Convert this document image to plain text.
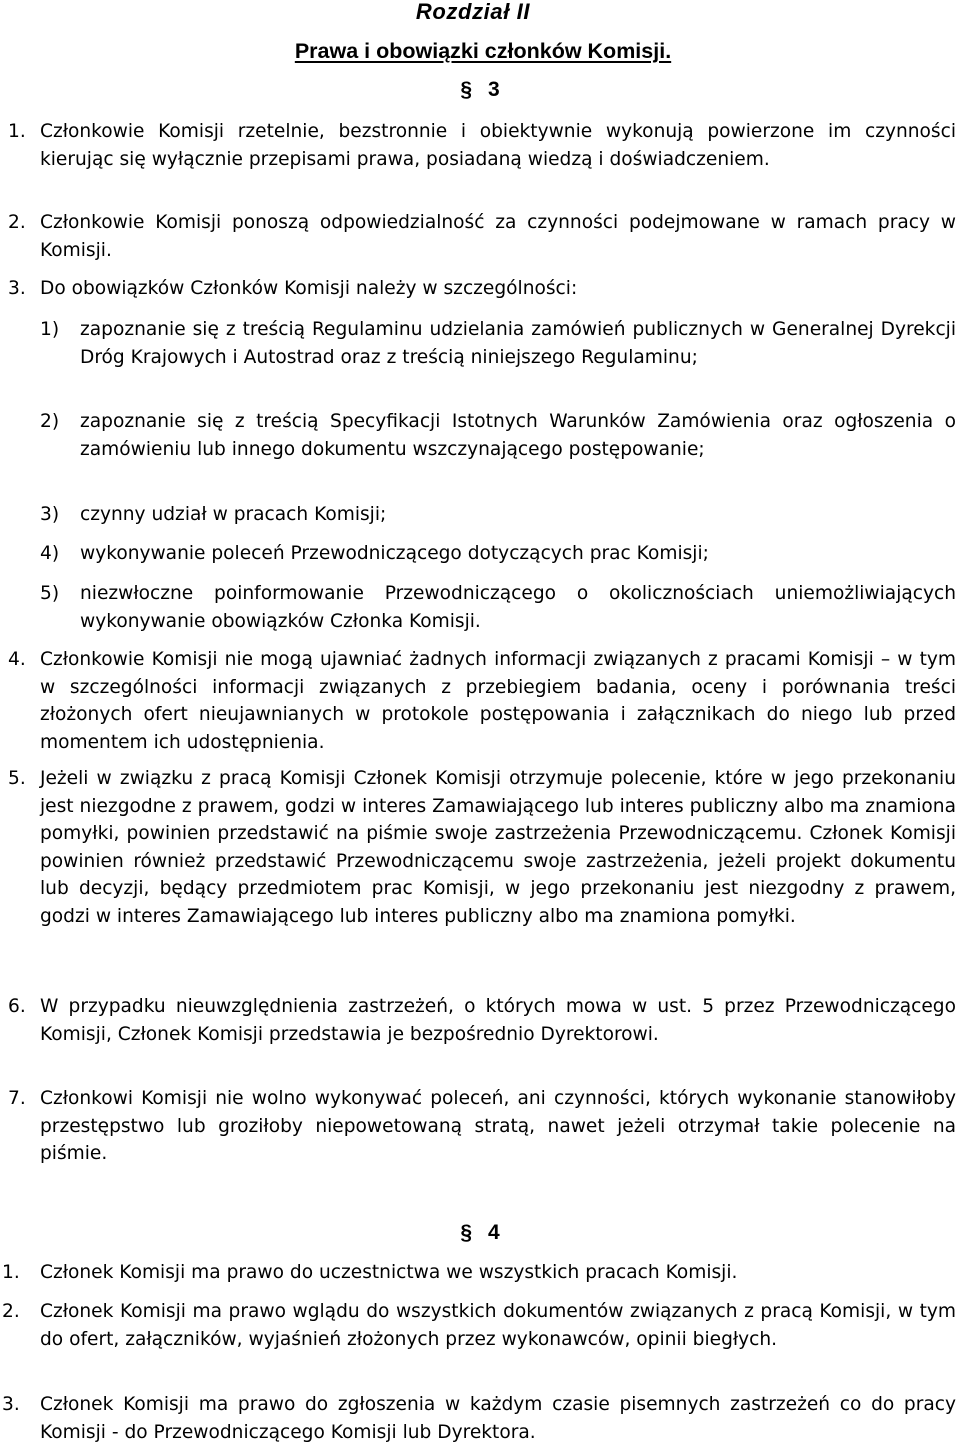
Rozdział II
Prawa i obowiązki członków Komisji.
§ 3
1. Członkowie Komisji rzetelnie, bezstronnie i obiektywnie wykonują powierzone im czynności kierując się wyłącznie przepisami prawa, posiadaną wiedzą i doświadczeniem.
2. Członkowie Komisji ponoszą odpowiedzialność za czynności podejmowane w ramach pracy w Komisji.
3. Do obowiązków Członków Komisji należy w szczególności:
1) zapoznanie się z treścią Regulaminu udzielania zamówień publicznych w Generalnej Dyrekcji Dróg Krajowych i Autostrad oraz z treścią niniejszego Regulaminu;
2) zapoznanie się z treścią Specyfikacji Istotnych Warunków Zamówienia oraz ogłoszenia o zamówieniu lub innego dokumentu wszczynającego postępowanie;
3) czynny udział w pracach Komisji;
4) wykonywanie poleceń Przewodniczącego dotyczących prac Komisji;
5) niezwłoczne poinformowanie Przewodniczącego o okolicznościach uniemożliwiających wykonywanie obowiązków Członka Komisji.
4. Członkowie Komisji nie mogą ujawniać żadnych informacji związanych z pracami Komisji – w tym w szczególności informacji związanych z przebiegiem badania, oceny i porównania treści złożonych ofert nieujawnianych w protokole postępowania i załącznikach do niego lub przed momentem ich udostępnienia.
5. Jeżeli w związku z pracą Komisji Członek Komisji otrzymuje polecenie, które w jego przekonaniu jest niezgodne z prawem, godzi w interes Zamawiającego lub interes publiczny albo ma znamiona pomyłki, powinien przedstawić na piśmie swoje zastrzeżenia Przewodniczącemu. Członek Komisji powinien również przedstawić Przewodniczącemu swoje zastrzeżenia, jeżeli projekt dokumentu lub decyzji, będący przedmiotem prac Komisji, w jego przekonaniu jest niezgodny z prawem, godzi w interes Zamawiającego lub interes publiczny albo ma znamiona pomyłki.
6. W przypadku nieuwzględnienia zastrzeżeń, o których mowa w ust. 5 przez Przewodniczącego Komisji, Członek Komisji przedstawia je bezpośrednio Dyrektorowi.
7. Członkowi Komisji nie wolno wykonywać poleceń, ani czynności, których wykonanie stanowiłoby przestępstwo lub groziłoby niepowetowaną stratą, nawet jeżeli otrzymał takie polecenie na piśmie.
§ 4
1. Członek Komisji ma prawo do uczestnictwa we wszystkich pracach Komisji.
2. Członek Komisji ma prawo wglądu do wszystkich dokumentów związanych z pracą Komisji, w tym do ofert, załączników, wyjaśnień złożonych przez wykonawców, opinii biegłych.
3. Członek Komisji ma prawo do zgłoszenia w każdym czasie pisemnych zastrzeżeń co do pracy Komisji - do Przewodniczącego Komisji lub Dyrektora.
